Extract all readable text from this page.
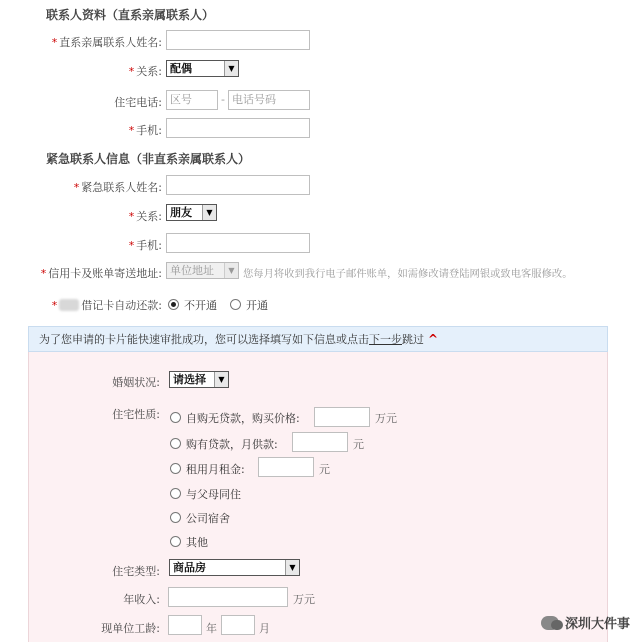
联系人资料（直系亲属联系人）
* 直系亲属联系人姓名:
* 关系: 配偶	▼
住宅电话: 区号	- 电话号码
* 手机:
紧急联系人信息（非直系亲属联系人）
* 紧急联系人姓名:
* 关系: 朋友	▼
* 手机:
* 信用卡及账单寄送地址: 单位地址	▼ 您每月将收到我行电子邮件账单，如需修改请登陆网银或致电客服修改。
* 借记卡自动还款:	不开通	开通
为了您申请的卡片能快速审批成功，您可以选择填写如下信息或点击下一步跳过 ^
婚姻状况:	请选择	▼
住宅性质:	自购无贷款，购买价格:	万元
购有贷款，月供款:	元
租用月租金:	元
与父母同住
公司宿舍
其他
住宅类型:	商品房	▼
年收入:	万元
现单位工龄:	年	月	深圳大件事
